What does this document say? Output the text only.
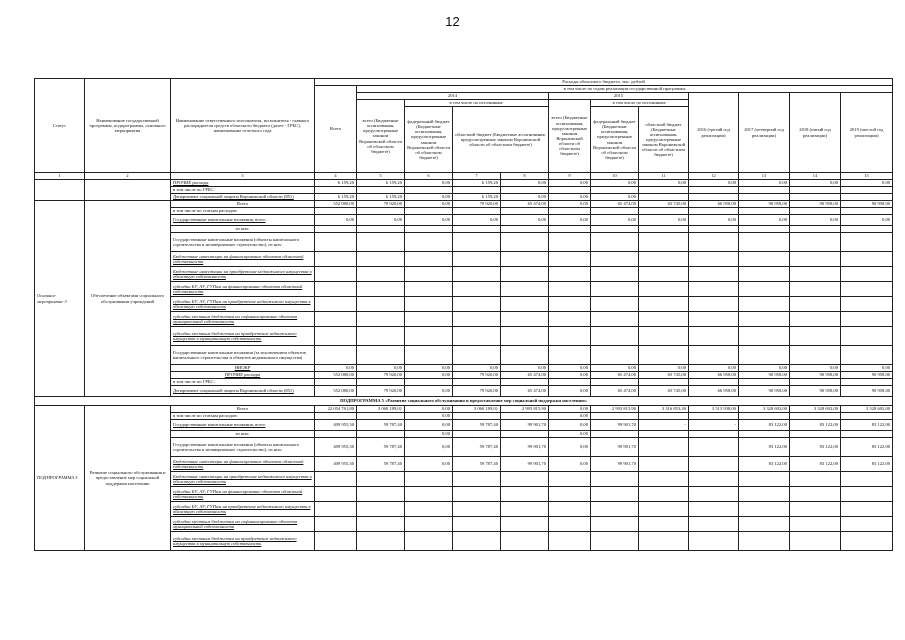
12
Статус	Наименование государственной программы, подпрограммы, основного мероприятия	Наименование ответственного исполнителя, исполнителя - главного распорядителя средств областного бюджета (далее - ГРБС), наименование отчетного года	Расходы областного бюджета, тыс. рублей												
			Всего	в том числе по годам реализации государственной программы											
				2014				2015			2016 (третий год реализации)	2017 (четвертый год реализации)	2018 (пятый год реализации)	2019 (шестой год реализации)	
				всего (Бюджетные ассигнования, предусмотренные законом Воронежской области об областном бюджете)	в том числе по источникам:			всего (Бюджетные ассигнования, предусмотренные законом Воронежской области об областном бюджете)	в том числе по источникам:						
					федеральный бюджет (Бюджетные ассигнования, предусмотренные законом Воронежской области об областном бюджете)	областной бюджет (Бюджетные ассигнования, предусмотренные законом Воронежской области об областном бюджете)			федеральный бюджет (Бюджетные ассигнования, предусмотренные законом Воронежской области об областном бюджете)	областной бюджет (Бюджетные ассигнования, предусмотренные законом Воронежской области об областном бюджете)					
1	2	3	4	5	6	7	8	9	10	11	12	13	14	15	
		ПРОЧИЕ расходы	6 159,20	6 159,20	0,00	6 159,20	0,00	0,00	0,00	0,00	0,00	0,00	0,00	0,00	
		в том числе по ГРБС:													
		Департамент социальной защиты Воронежской области (851)	6 159,20	6 159,20	0,00	6 159,20	0,00	0,00	0,00						
Основное мероприятие 3	Обеспечение объектами социального обслуживания учреждений	Всего	552 080,00	79 920,00	0,00	79 920,00	65 474,00	0,00	65 474,00	65 745,00	66 958,00	90 958,00	90 958,00	90 958,00	
		в том числе по статьям расходов:													
		Государственные капитальные вложения, всего	0,00	0,00	0,00	0,00	0,00	0,00	0,00	0,00	0,00	0,00	0,00	0,00	
		из них:													
		Государственные капитальные вложения (объекты капитального строительства и незавершенное строительство), из них:													
		Бюджетные инвестиции на финансирование объектов областной собственности													
		Бюджетные инвестиции на приобретение недвижимого имущества в областную собственность													
		субсидии БУ, АУ, ГУПам на финансирование объектов областной собственности													
		субсидии БУ, АУ, ГУПам на приобретение недвижимого имущества в областную собственность													
		субсидии местным бюджетам на софинансирование объектов муниципальной собственности													
		субсидии местным бюджетам на приобретение недвижимого имущества в муниципальную собственность													
		Государственные капитальные вложения (за исключением объектов капитального строительства и объектов недвижимого имущества)													
		НИОКР	0,00	0,00	0,00	0,00	0,00	0,00	0,00	0,00	0,00	0,00	0,00	0,00	
		ПРОЧИЕ расходы	552 080,00	79 920,00	0,00	79 920,00	65 474,00	0,00	65 474,00	65 745,00	66 958,00	90 958,00	90 958,00	90 958,00	
		в том числе по ГРБС:													
		Департамент социальной защиты Воронежской области (851)	552 080,00	79 920,00	0,00	79 920,00	65 474,00	0,00	65 474,00	65 745,00	66 958,00	90 958,00	90 958,00	90 958,00	
ПОДПРОГРАММА 5 «Развитие социального обслуживания и предоставление мер социальной поддержки населению»															
ПОДПРОГРАММА 5	Развитие социального обслуживания и предоставление мер социальной поддержки населению	Всего	22 054 761,80	3 060 189,01	0,00	3 060 189,01	2 993 815,90	0,00	2 993 815,90	3 316 853,30	3 513 938,00	3 328 692,00	3 328 692,00	3 328 692,00	
		в том числе по статьям расходов:			0,00			0,00							
		Государственные капитальные вложения, всего	409 955,30	59 787,40	0,00	59 787,40	99 901,70	0,00	99 901,70	-	-	83 122,00	83 122,00	83 122,00	
		из них:			0,00			0,00							
		Государственные капитальные вложения (объекты капитального строительства и незавершенное строительство), из них:	409 955,30	59 787,40	0,00	59 787,40	99 901,70	0,00	99 901,70			83 122,00	83 122,00	83 122,00	
		Бюджетные инвестиции на финансирование объектов областной собственности	409 955,30	59 787,40	0,00	59 787,40	99 901,70	0,00	99 901,70			83 122,00	83 122,00	83 122,00	
		Бюджетные инвестиции на приобретение недвижимого имущества в областную собственность													
		субсидии БУ, АУ, ГУПам на финансирование объектов областной собственности													
		субсидии БУ, АУ, ГУПам на приобретение недвижимого имущества в областную собственность													
		субсидии местным бюджетам на софинансирование объектов муниципальной собственности													
		субсидии местным бюджетам на приобретение недвижимого имущества в муниципальную собственность													
